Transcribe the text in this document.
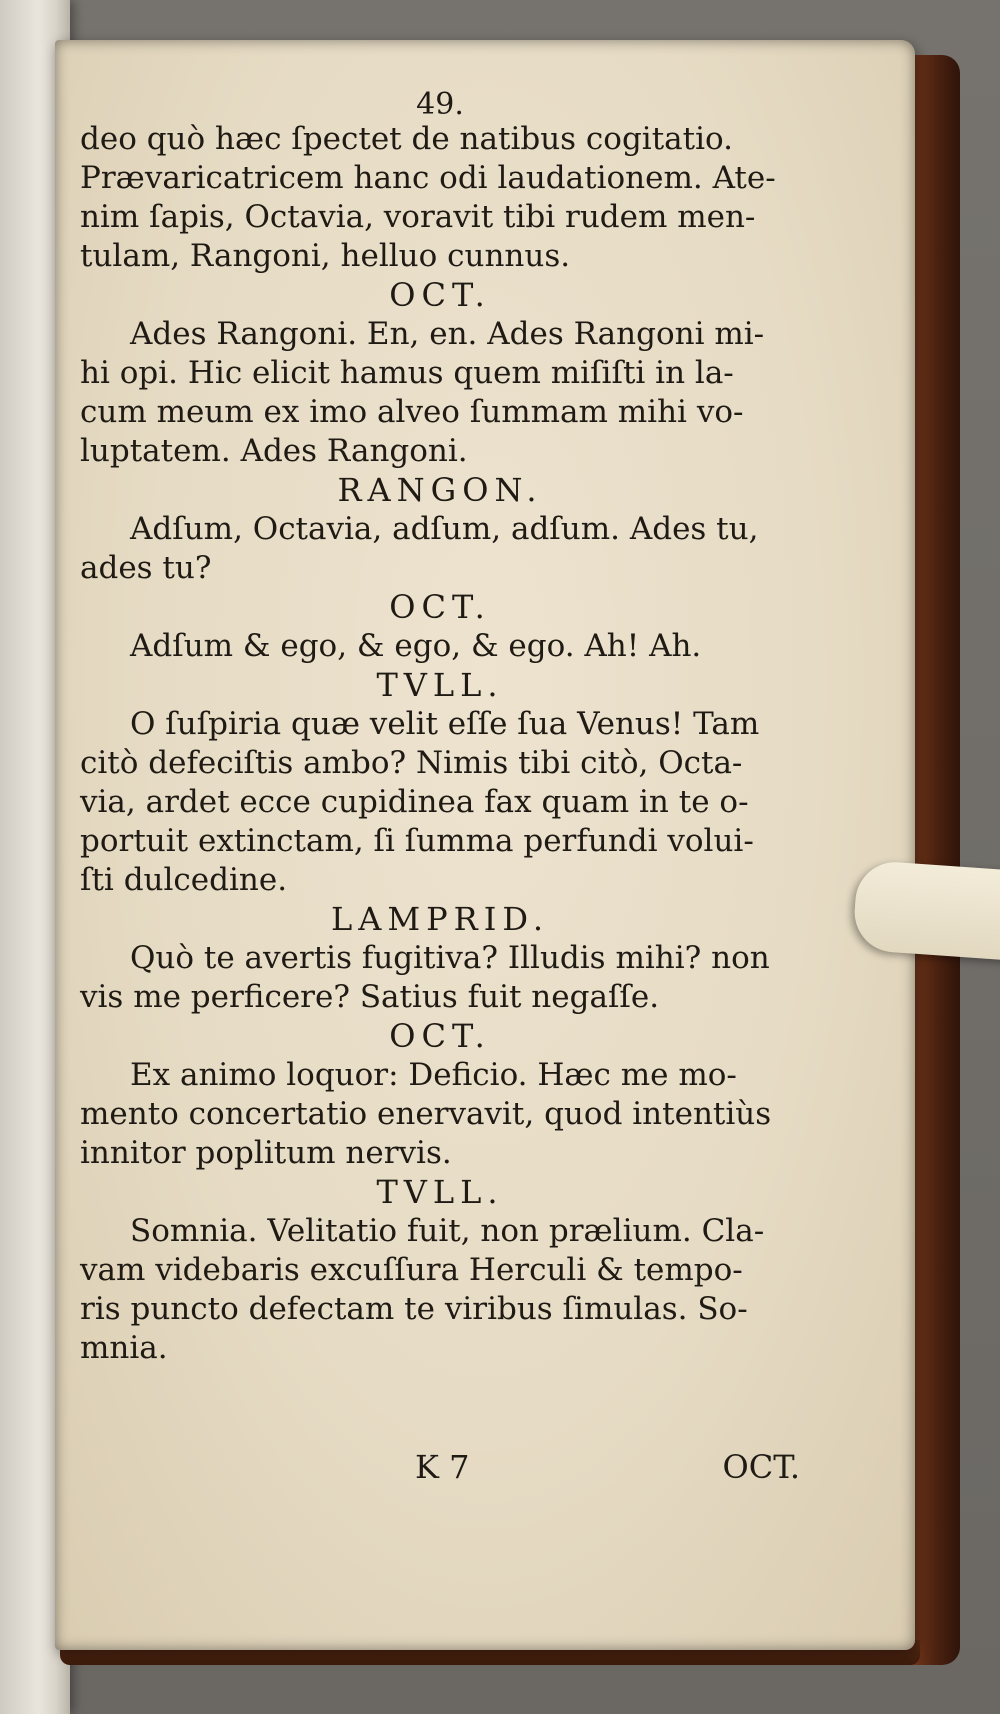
49.
deo quò hæc ſpectet de natibus cogitatio.
Prævaricatricem hanc odi laudationem. Ate-
nim ſapis, Octavia, voravit tibi rudem men-
tulam, Rangoni, helluo cunnus.
OCT.
Ades Rangoni. En, en. Ades Rangoni mi-
hi opi. Hic elicit hamus quem miſiſti in la-
cum meum ex imo alveo ſummam mihi vo-
luptatem. Ades Rangoni.
RANGON.
Adſum, Octavia, adſum, adſum. Ades tu,
ades tu?
OCT.
Adſum & ego, & ego, & ego. Ah! Ah.
TVLL.
O ſuſpiria quæ velit eſſe ſua Venus! Tam
citò defeciſtis ambo? Nimis tibi citò, Octa-
via, ardet ecce cupidinea fax quam in te o-
portuit extinctam, ſi ſumma perfundi volui-
ſti dulcedine.
LAMPRID.
Quò te avertis fugitiva? Illudis mihi? non
vis me perficere? Satius fuit negaſſe.
OCT.
Ex animo loquor: Deficio. Hæc me mo-
mento concertatio enervavit, quod intentiùs
innitor poplitum nervis.
TVLL.
Somnia. Velitatio fuit, non prælium. Cla-
vam videbaris excuſſura Herculi & tempo-
ris puncto defectam te viribus ſimulas. So-
mnia.
K 7	OCT.
